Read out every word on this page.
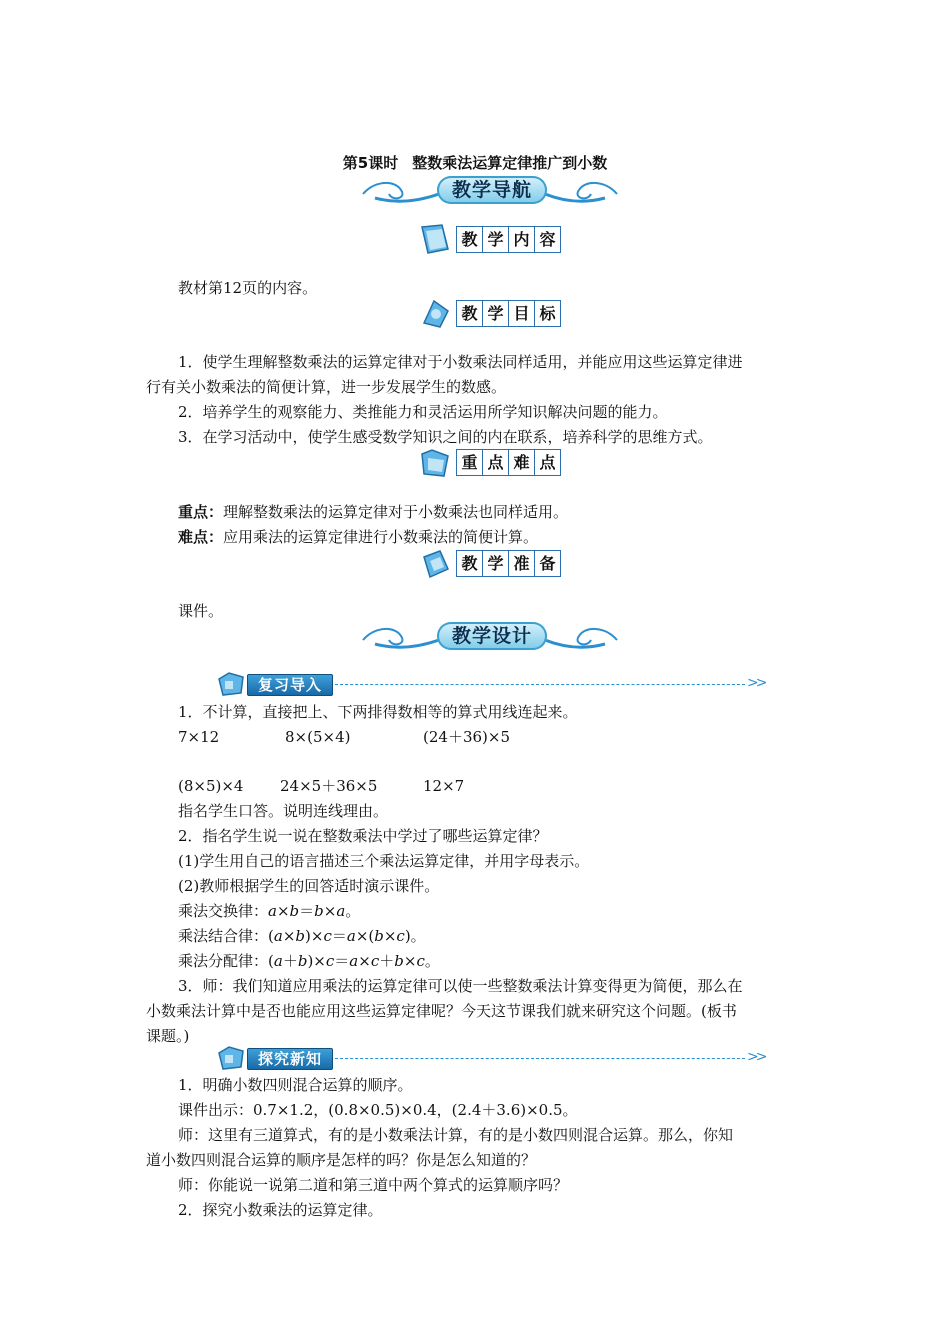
第5课时 整数乘法运算定律推广到小数
教学导航
教 学 内 容
教材第12页的内容。
教 学 目 标
1．使学生理解整数乘法的运算定律对于小数乘法同样适用，并能应用这些运算定律进
行有关小数乘法的简便计算，进一步发展学生的数感。
2．培养学生的观察能力、类推能力和灵活运用所学知识解决问题的能力。
3．在学习活动中，使学生感受数学知识之间的内在联系，培养科学的思维方式。
重 点 难 点
重点：理解整数乘法的运算定律对于小数乘法也同样适用。
难点：应用乘法的运算定律进行小数乘法的简便计算。
教 学 准 备
课件。
教学设计
复习导入	>>
1．不计算，直接把上、下两排得数相等的算式用线连起来。
7×12	8×(5×4)	(24＋36)×5
(8×5)×4 24×5＋36×5	12×7
指名学生口答。说明连线理由。
2．指名学生说一说在整数乘法中学过了哪些运算定律？
(1)学生用自己的语言描述三个乘法运算定律，并用字母表示。
(2)教师根据学生的回答适时演示课件。
乘法交换律：a×b＝b×a。
乘法结合律：(a×b)×c＝a×(b×c)。
乘法分配律：(a＋b)×c＝a×c＋b×c。
3．师：我们知道应用乘法的运算定律可以使一些整数乘法计算变得更为简便，那么在
小数乘法计算中是否也能应用这些运算定律呢？今天这节课我们就来研究这个问题。(板书
课题。)
探究新知	>>
1．明确小数四则混合运算的顺序。
课件出示：0.7×1.2，(0.8×0.5)×0.4，(2.4＋3.6)×0.5。
师：这里有三道算式，有的是小数乘法计算，有的是小数四则混合运算。那么，你知
道小数四则混合运算的顺序是怎样的吗？你是怎么知道的？
师：你能说一说第二道和第三道中两个算式的运算顺序吗？
2．探究小数乘法的运算定律。
